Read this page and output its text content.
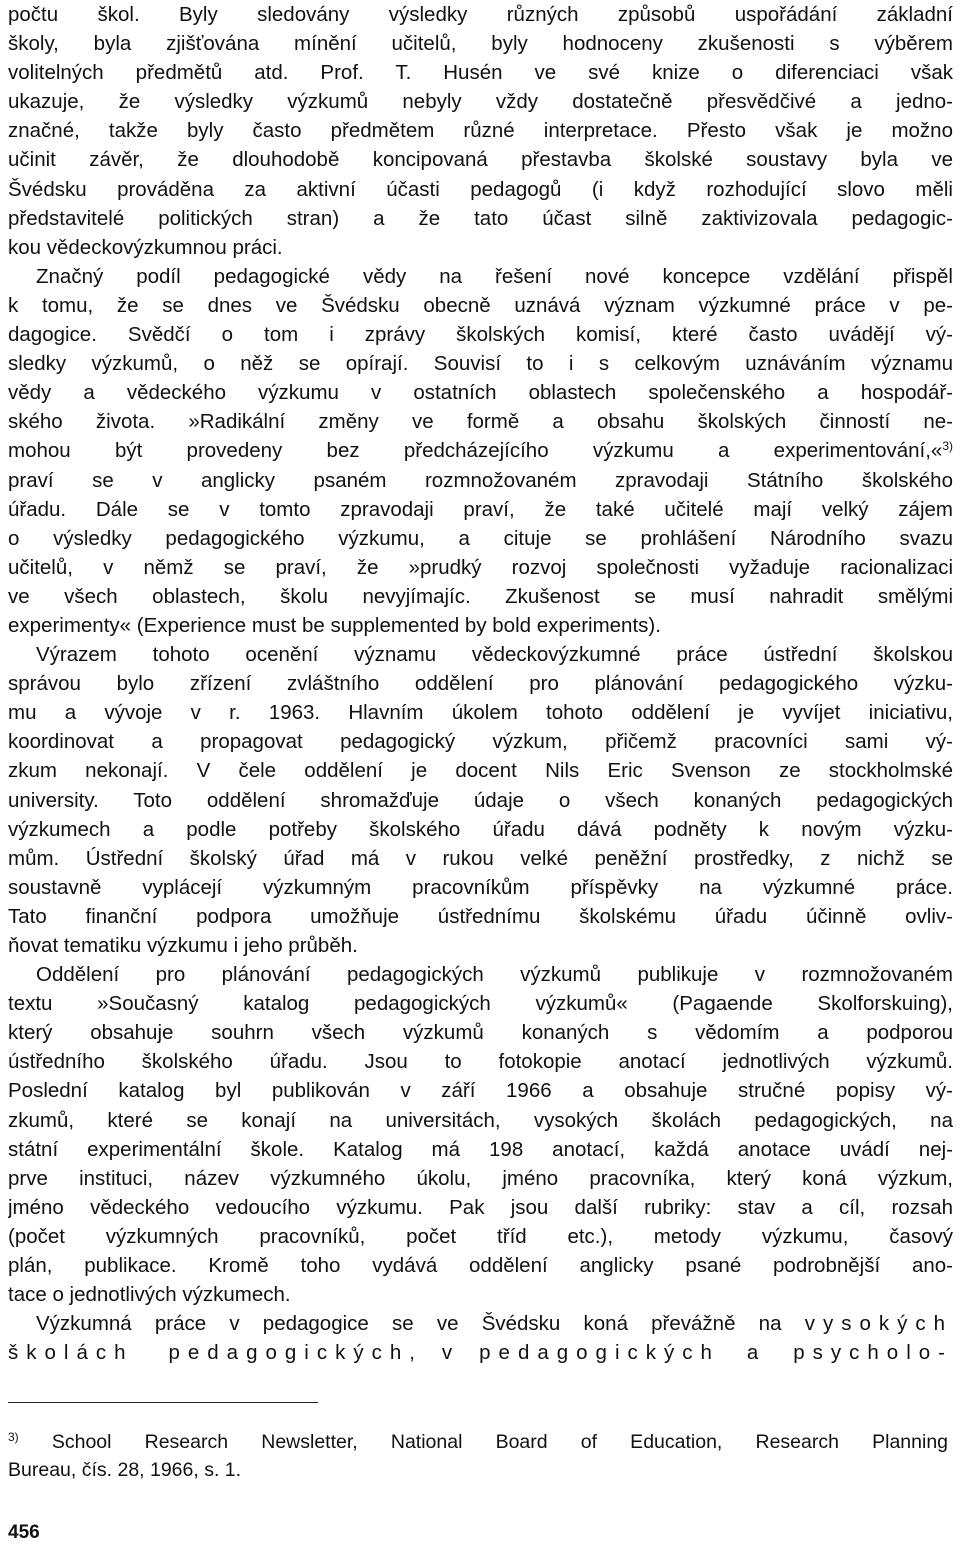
počtu škol. Byly sledovány výsledky různých způsobů uspořádání základní
školy, byla zjišťována mínění učitelů, byly hodnoceny zkušenosti s výběrem
volitelných předmětů atd. Prof. T. Husén ve své knize o diferenciaci však
ukazuje, že výsledky výzkumů nebyly vždy dostatečně přesvědčivé a jedno-
značné, takže byly často předmětem různé interpretace. Přesto však je možno
učinit závěr, že dlouhodobě koncipovaná přestavba školské soustavy byla ve
Švédsku prováděna za aktivní účasti pedagogů (i když rozhodující slovo měli
představitelé politických stran) a že tato účast silně zaktivizovala pedagogic-
kou vědeckovýzkumnou práci.
Značný podíl pedagogické vědy na řešení nové koncepce vzdělání přispěl
k tomu, že se dnes ve Švédsku obecně uznává význam výzkumné práce v pe-
dagogice. Svědčí o tom i zprávy školských komisí, které často uvádějí vý-
sledky výzkumů, o něž se opírají. Souvisí to i s celkovým uznáváním významu
vědy a vědeckého výzkumu v ostatních oblastech společenského a hospodář-
ského života. »Radikální změny ve formě a obsahu školských činností ne-
mohou být provedeny bez předcházejícího výzkumu a experimentování,«$^{3)}$
praví se v anglicky psaném rozmnožovaném zpravodaji Státního školského
úřadu. Dále se v tomto zpravodaji praví, že také učitelé mají velký zájem
o výsledky pedagogického výzkumu, a cituje se prohlášení Národního svazu
učitelů, v němž se praví, že »prudký rozvoj společnosti vyžaduje racionalizaci
ve všech oblastech, školu nevyjímajíc. Zkušenost se musí nahradit smělými
experimenty« (Experience must be supplemented by bold experiments).
Výrazem tohoto ocenění významu vědeckovýzkumné práce ústřední školskou
správou bylo zřízení zvláštního oddělení pro plánování pedagogického výzku-
mu a vývoje v r. 1963. Hlavním úkolem tohoto oddělení je vyvíjet iniciativu,
koordinovat a propagovat pedagogický výzkum, přičemž pracovníci sami vý-
zkum nekonají. V čele oddělení je docent Nils Eric Svenson ze stockholmské
university. Toto oddělení shromažďuje údaje o všech konaných pedagogických
výzkumech a podle potřeby školského úřadu dává podněty k novým výzku-
mům. Ústřední školský úřad má v rukou velké peněžní prostředky, z nichž se
soustavně vyplácejí výzkumným pracovníkům příspěvky na výzkumné práce.
Tato finanční podpora umožňuje ústřednímu školskému úřadu účinně ovliv-
ňovat tematiku výzkumu i jeho průběh.
Oddělení pro plánování pedagogických výzkumů publikuje v rozmnožovaném
textu »Současný katalog pedagogických výzkumů« (Pagaende Skolforskuing),
který obsahuje souhrn všech výzkumů konaných s vědomím a podporou
ústředního školského úřadu. Jsou to fotokopie anotací jednotlivých výzkumů.
Poslední katalog byl publikován v září 1966 a obsahuje stručné popisy vý-
zkumů, které se konají na universitách, vysokých školách pedagogických, na
státní experimentální škole. Katalog má 198 anotací, každá anotace uvádí nej-
prve instituci, název výzkumného úkolu, jméno pracovníka, který koná výzkum,
jméno vědeckého vedoucího výzkumu. Pak jsou další rubriky: stav a cíl, rozsah
(počet výzkumných pracovníků, počet tříd etc.), metody výzkumu, časový
plán, publikace. Kromě toho vydává oddělení anglicky psané podrobnější ano-
tace o jednotlivých výzkumech.
Výzkumná práce v pedagogice se ve Švédsku koná převážně na vysokých
školách pedagogických, v pedagogických a psycholo-
$^{3)}$ School Research Newsletter, National Board of Education, Research Planning
Bureau, čís. 28, 1966, s. 1.
456
